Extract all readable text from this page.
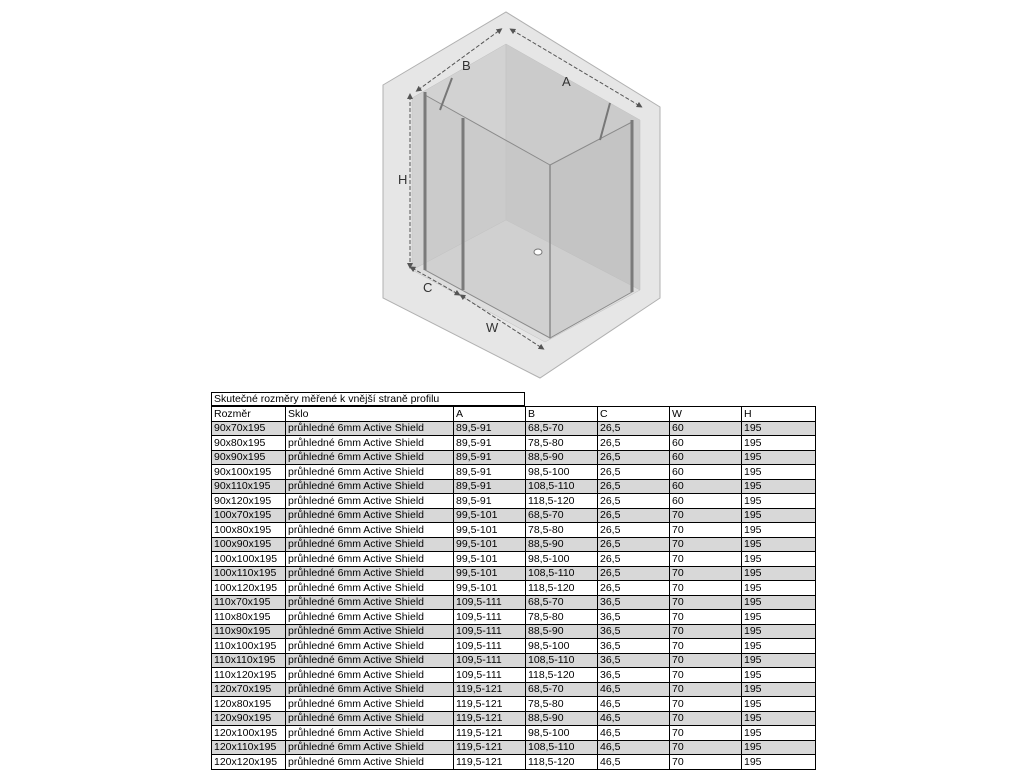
B
A
H
C
W
Skutečné rozměry měřené k vnější straně profilu
Rozměr	Sklo	A	B	C	W	H
90x70x195	průhledné 6mm Active Shield	89,5-91	68,5-70	26,5	60	195
90x80x195	průhledné 6mm Active Shield	89,5-91	78,5-80	26,5	60	195
90x90x195	průhledné 6mm Active Shield	89,5-91	88,5-90	26,5	60	195
90x100x195	průhledné 6mm Active Shield	89,5-91	98,5-100	26,5	60	195
90x110x195	průhledné 6mm Active Shield	89,5-91	108,5-110	26,5	60	195
90x120x195	průhledné 6mm Active Shield	89,5-91	118,5-120	26,5	60	195
100x70x195	průhledné 6mm Active Shield	99,5-101	68,5-70	26,5	70	195
100x80x195	průhledné 6mm Active Shield	99,5-101	78,5-80	26,5	70	195
100x90x195	průhledné 6mm Active Shield	99,5-101	88,5-90	26,5	70	195
100x100x195	průhledné 6mm Active Shield	99,5-101	98,5-100	26,5	70	195
100x110x195	průhledné 6mm Active Shield	99,5-101	108,5-110	26,5	70	195
100x120x195	průhledné 6mm Active Shield	99,5-101	118,5-120	26,5	70	195
110x70x195	průhledné 6mm Active Shield	109,5-111	68,5-70	36,5	70	195
110x80x195	průhledné 6mm Active Shield	109,5-111	78,5-80	36,5	70	195
110x90x195	průhledné 6mm Active Shield	109,5-111	88,5-90	36,5	70	195
110x100x195	průhledné 6mm Active Shield	109,5-111	98,5-100	36,5	70	195
110x110x195	průhledné 6mm Active Shield	109,5-111	108,5-110	36,5	70	195
110x120x195	průhledné 6mm Active Shield	109,5-111	118,5-120	36,5	70	195
120x70x195	průhledné 6mm Active Shield	119,5-121	68,5-70	46,5	70	195
120x80x195	průhledné 6mm Active Shield	119,5-121	78,5-80	46,5	70	195
120x90x195	průhledné 6mm Active Shield	119,5-121	88,5-90	46,5	70	195
120x100x195	průhledné 6mm Active Shield	119,5-121	98,5-100	46,5	70	195
120x110x195	průhledné 6mm Active Shield	119,5-121	108,5-110	46,5	70	195
120x120x195	průhledné 6mm Active Shield	119,5-121	118,5-120	46,5	70	195
